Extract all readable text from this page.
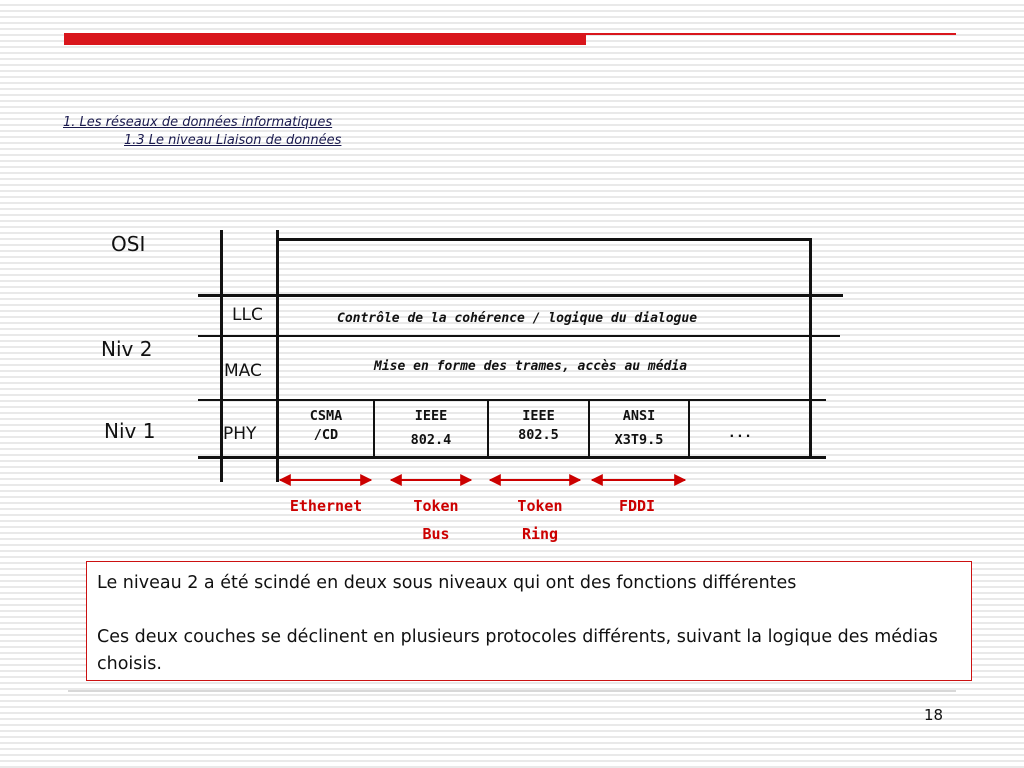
1. Les réseaux de données informatiques
1.3 Le niveau Liaison de données
OSI
Niv 2
Niv 1
LLC
MAC
PHY
Contrôle de la cohérence / logique du dialogue
Mise en forme des trames, accès au média
CSMA
/CD
IEEE
802.4
IEEE
802.5
ANSI
X3T9.5	...
Ethernet	Token
Bus
Token
Ring
FDDI

Le niveau 2 a été scindé en deux sous niveaux qui ont des fonctions différentes

Ces deux couches se déclinent en plusieurs protocoles différents, suivant la logique des médias choisis.

18
